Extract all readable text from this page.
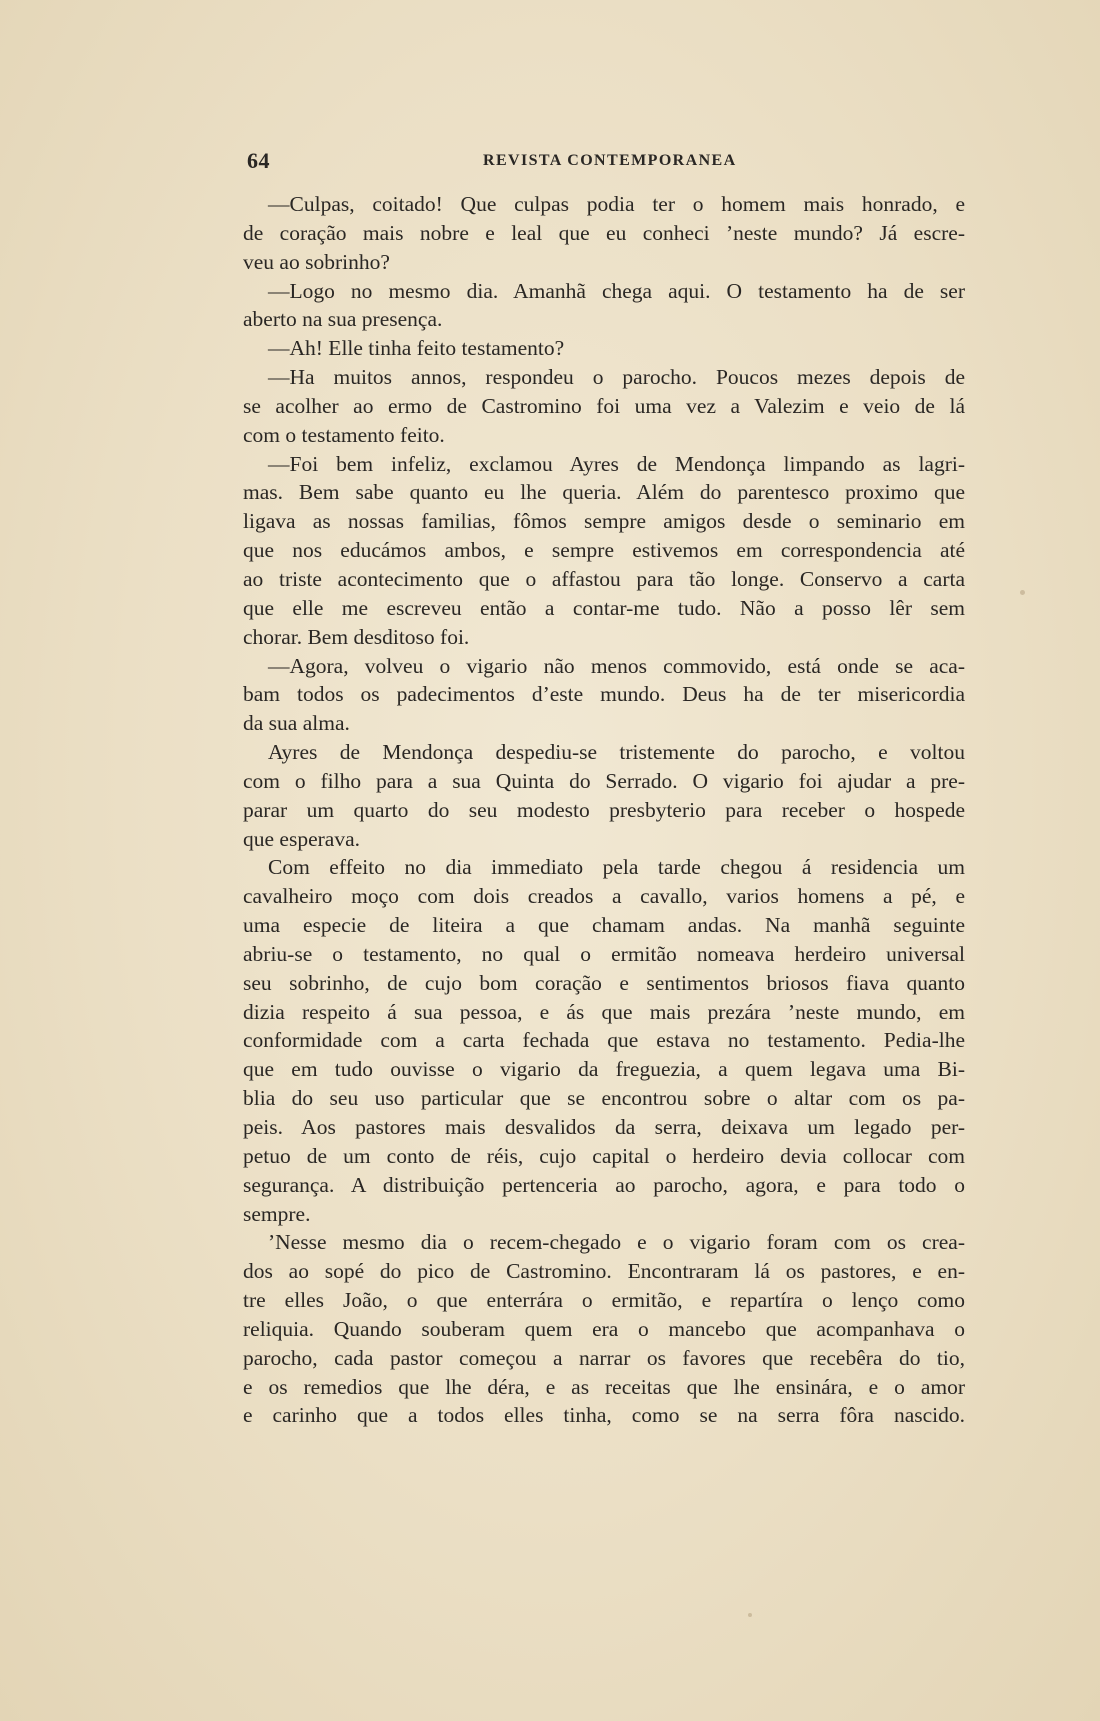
64	REVISTA CONTEMPORANEA
—Culpas, coitado! Que culpas podia ter o homem mais honrado, e
de coração mais nobre e leal que eu conheci ’neste mundo? Já escre-
veu ao sobrinho?
—Logo no mesmo dia. Amanhã chega aqui. O testamento ha de ser
aberto na sua presença.
—Ah! Elle tinha feito testamento?
—Ha muitos annos, respondeu o parocho. Poucos mezes depois de
se acolher ao ermo de Castromino foi uma vez a Valezim e veio de lá
com o testamento feito.
—Foi bem infeliz, exclamou Ayres de Mendonça limpando as lagri-
mas. Bem sabe quanto eu lhe queria. Além do parentesco proximo que
ligava as nossas familias, fômos sempre amigos desde o seminario em
que nos educámos ambos, e sempre estivemos em correspondencia até
ao triste acontecimento que o affastou para tão longe. Conservo a carta
que elle me escreveu então a contar-me tudo. Não a posso lêr sem
chorar. Bem desditoso foi.
—Agora, volveu o vigario não menos commovido, está onde se aca-
bam todos os padecimentos d’este mundo. Deus ha de ter misericordia
da sua alma.
Ayres de Mendonça despediu-se tristemente do parocho, e voltou
com o filho para a sua Quinta do Serrado. O vigario foi ajudar a pre-
parar um quarto do seu modesto presbyterio para receber o hospede
que esperava.
Com effeito no dia immediato pela tarde chegou á residencia um
cavalheiro moço com dois creados a cavallo, varios homens a pé, e
uma especie de liteira a que chamam andas. Na manhã seguinte
abriu-se o testamento, no qual o ermitão nomeava herdeiro universal
seu sobrinho, de cujo bom coração e sentimentos briosos fiava quanto
dizia respeito á sua pessoa, e ás que mais prezára ’neste mundo, em
conformidade com a carta fechada que estava no testamento. Pedia-lhe
que em tudo ouvisse o vigario da freguezia, a quem legava uma Bi-
blia do seu uso particular que se encontrou sobre o altar com os pa-
peis. Aos pastores mais desvalidos da serra, deixava um legado per-
petuo de um conto de réis, cujo capital o herdeiro devia collocar com
segurança. A distribuição pertenceria ao parocho, agora, e para todo o
sempre.
’Nesse mesmo dia o recem-chegado e o vigario foram com os crea-
dos ao sopé do pico de Castromino. Encontraram lá os pastores, e en-
tre elles João, o que enterrára o ermitão, e repartíra o lenço como
reliquia. Quando souberam quem era o mancebo que acompanhava o
parocho, cada pastor começou a narrar os favores que recebêra do tio,
e os remedios que lhe déra, e as receitas que lhe ensinára, e o amor
e carinho que a todos elles tinha, como se na serra fôra nascido.
